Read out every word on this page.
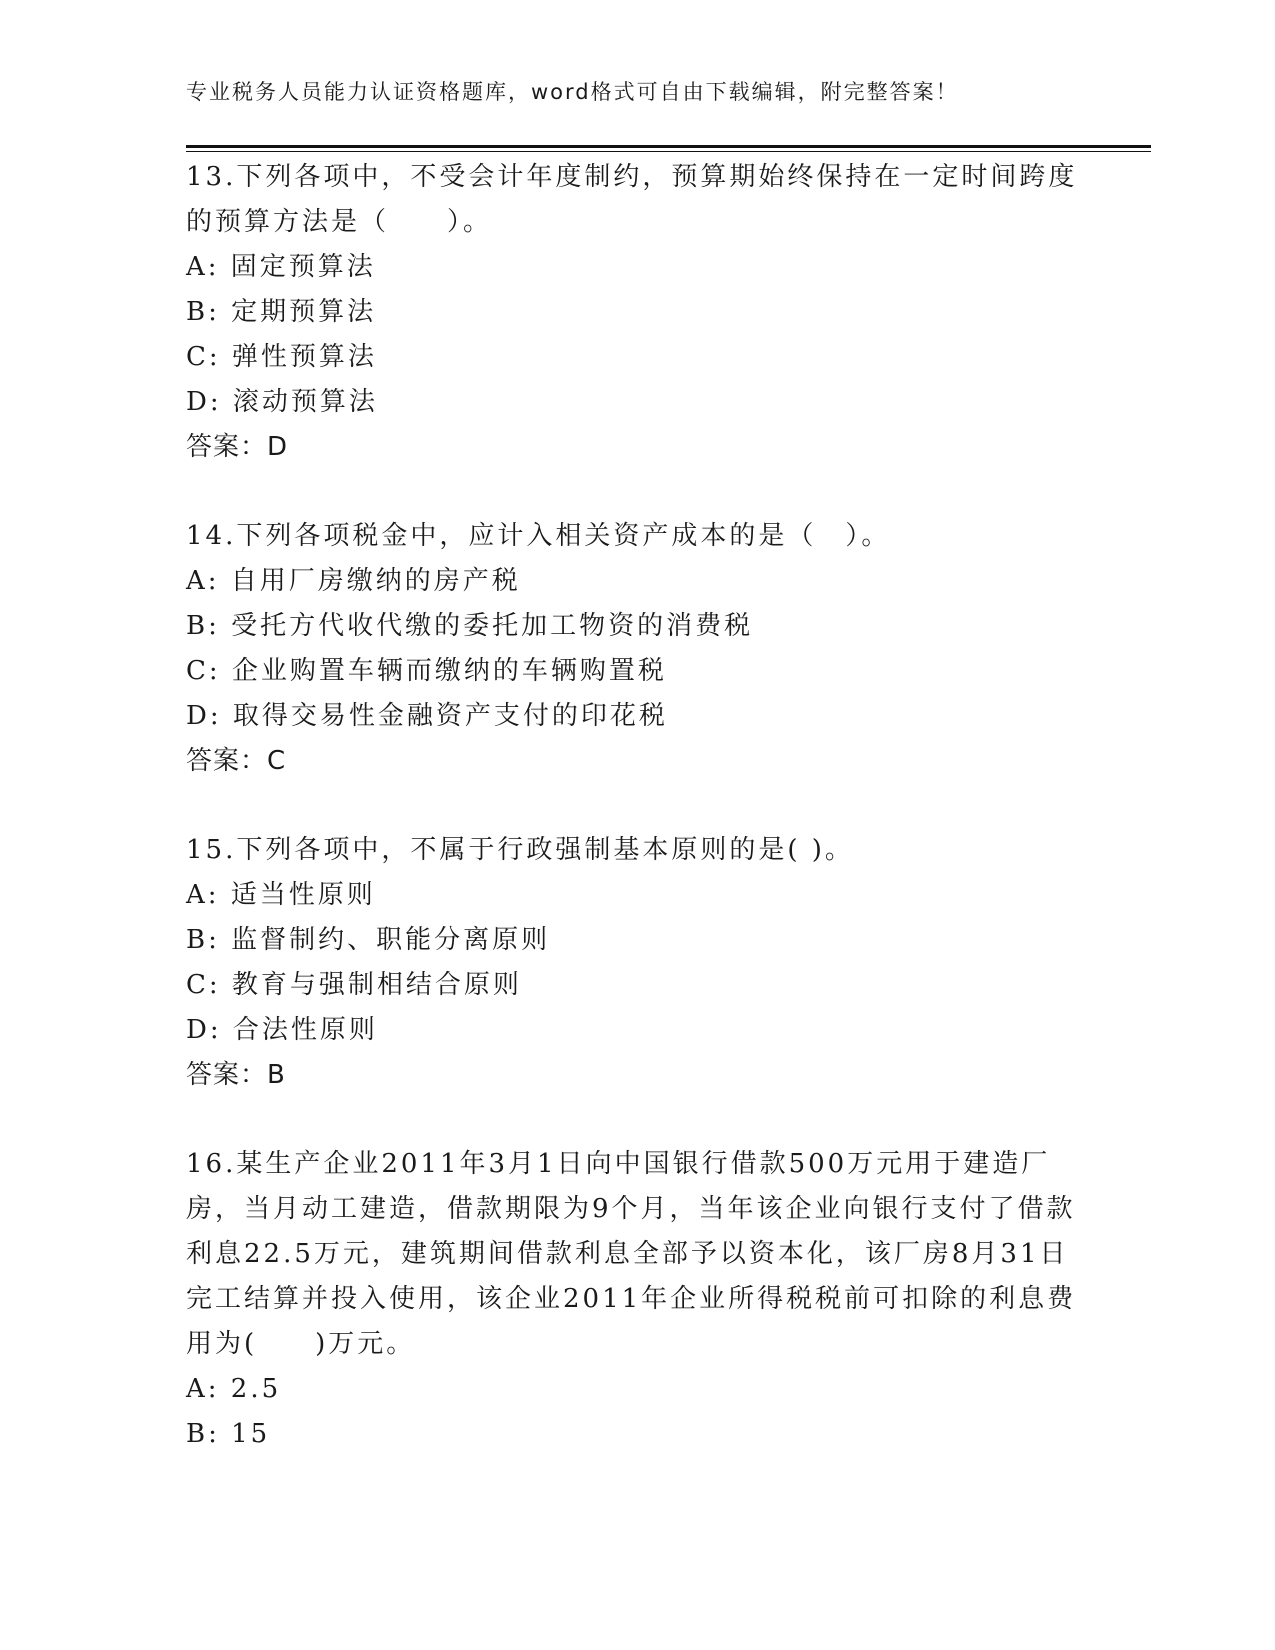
专业税务人员能力认证资格题库，word格式可自由下载编辑，附完整答案！

13.下列各项中，不受会计年度制约，预算期始终保持在一定时间跨度的预算方法是（　　）。

A: 固定预算法

B: 定期预算法

C: 弹性预算法

D: 滚动预算法

答案：D

14.下列各项税金中，应计入相关资产成本的是（　）。

A: 自用厂房缴纳的房产税

B: 受托方代收代缴的委托加工物资的消费税

C: 企业购置车辆而缴纳的车辆购置税

D: 取得交易性金融资产支付的印花税

答案：C

15.下列各项中，不属于行政强制基本原则的是( )。

A: 适当性原则

B: 监督制约、职能分离原则

C: 教育与强制相结合原则

D: 合法性原则

答案：B

16.某生产企业2011年3月1日向中国银行借款500万元用于建造厂房，当月动工建造，借款期限为9个月，当年该企业向银行支付了借款利息22.5万元，建筑期间借款利息全部予以资本化，该厂房8月31日完工结算并投入使用，该企业2011年企业所得税税前可扣除的利息费用为(　　)万元。

A: 2.5

B: 15
